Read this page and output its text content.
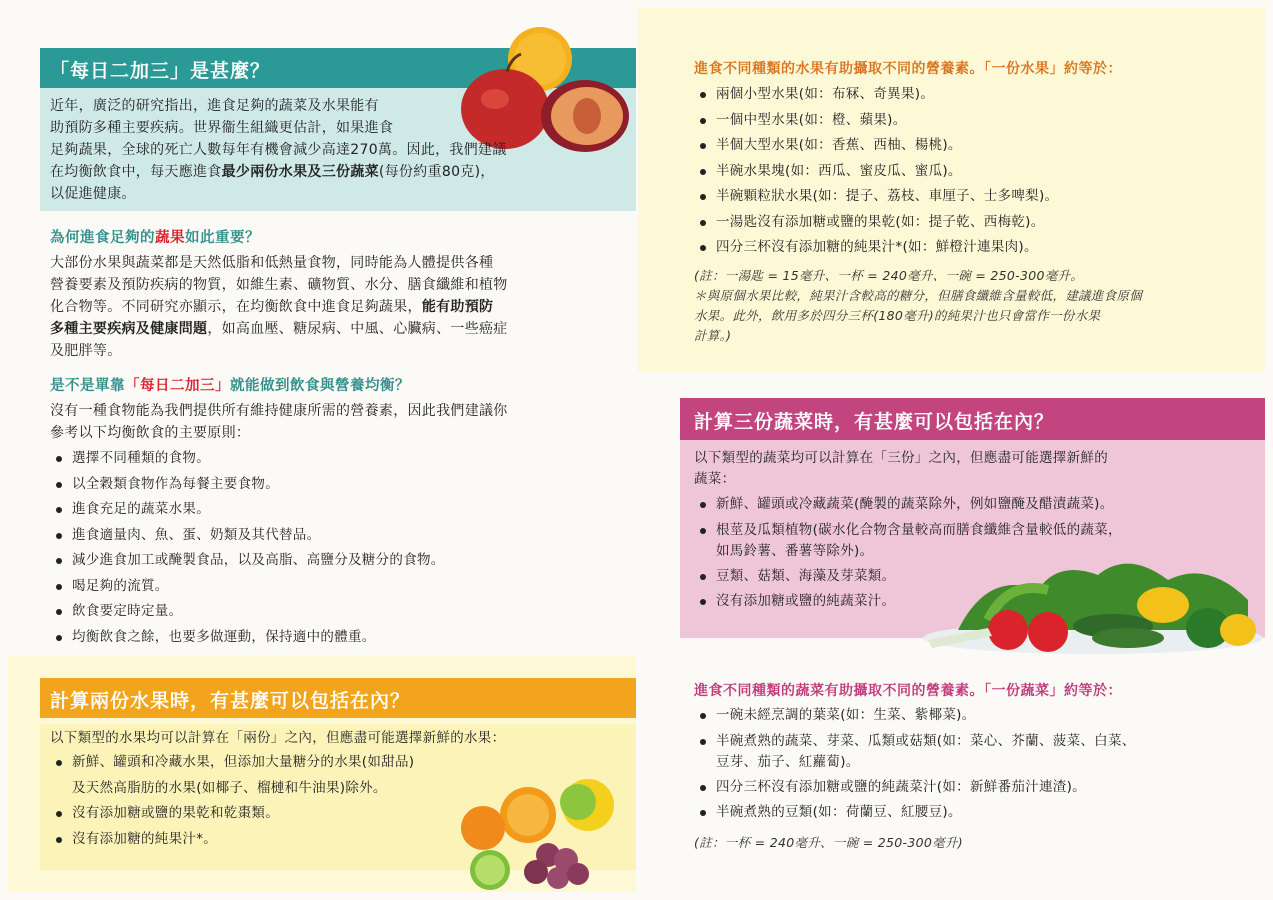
「每日二加三」是甚麼？
近年，廣泛的研究指出，進食足夠的蔬菜及水果能有
助預防多種主要疾病。世界衞生組織更估計，如果進食
足夠蔬果，全球的死亡人數每年有機會減少高達270萬。因此，我們建議
在均衡飲食中，每天應進食最少兩份水果及三份蔬菜(每份約重80克)，
以促進健康。
為何進食足夠的蔬果如此重要？
大部份水果與蔬菜都是天然低脂和低熱量食物，同時能為人體提供各種
營養要素及預防疾病的物質，如維生素、礦物質、水分、膳食纖維和植物
化合物等。不同研究亦顯示，在均衡飲食中進食足夠蔬果，能有助預防
多種主要疾病及健康問題，如高血壓、糖尿病、中風、心臟病、一些癌症
及肥胖等。
是不是單靠「每日二加三」就能做到飲食與營養均衡？
沒有一種食物能為我們提供所有維持健康所需的營養素，因此我們建議你
參考以下均衡飲食的主要原則：
選擇不同種類的食物。
以全穀類食物作為每餐主要食物。
進食充足的蔬菜水果。
進食適量肉、魚、蛋、奶類及其代替品。
減少進食加工或醃製食品，以及高脂、高鹽分及糖分的食物。
喝足夠的流質。
飲食要定時定量。
均衡飲食之餘，也要多做運動，保持適中的體重。
計算兩份水果時，有甚麼可以包括在內？
以下類型的水果均可以計算在「兩份」之內，但應盡可能選擇新鮮的水果：
新鮮、罐頭和冷藏水果，但添加大量糖分的水果(如甜品)
及天然高脂肪的水果(如椰子、榴槤和牛油果)除外。
沒有添加糖或鹽的果乾和乾棗類。
沒有添加糖的純果汁*。
進食不同種類的水果有助攝取不同的營養素。「一份水果」約等於：
兩個小型水果(如：布冧、奇異果)。
一個中型水果(如：橙、蘋果)。
半個大型水果(如：香蕉、西柚、楊桃)。
半碗水果塊(如：西瓜、蜜皮瓜、蜜瓜)。
半碗顆粒狀水果(如：提子、荔枝、車厘子、士多啤梨)。
一湯匙沒有添加糖或鹽的果乾(如：提子乾、西梅乾)。
四分三杯沒有添加糖的純果汁*(如：鮮橙汁連果肉)。
(註：一湯匙 = 15毫升、一杯 = 240毫升、一碗 = 250-300毫升。
＊與原個水果比較，純果汁含較高的糖分，但膳食纖維含量較低，建議進食原個
水果。此外，飲用多於四分三杯(180毫升)的純果汁也只會當作一份水果
計算。)
計算三份蔬菜時，有甚麼可以包括在內？
以下類型的蔬菜均可以計算在「三份」之內，但應盡可能選擇新鮮的
蔬菜：
新鮮、罐頭或冷藏蔬菜(醃製的蔬菜除外，例如鹽醃及醋漬蔬菜)。
根莖及瓜類植物(碳水化合物含量較高而膳食纖維含量較低的蔬菜，
如馬鈴薯、番薯等除外)。
豆類、菇類、海藻及芽菜類。
沒有添加糖或鹽的純蔬菜汁。
進食不同種類的蔬菜有助攝取不同的營養素。「一份蔬菜」約等於：
一碗未經烹調的葉菜(如：生菜、紫椰菜)。
半碗煮熟的蔬菜、芽菜、瓜類或菇類(如：菜心、芥蘭、菠菜、白菜、
豆芽、茄子、紅蘿蔔)。
四分三杯沒有添加糖或鹽的純蔬菜汁(如：新鮮番茄汁連渣)。
半碗煮熟的豆類(如：荷蘭豆、紅腰豆)。
(註：一杯 = 240毫升、一碗 = 250-300毫升)
